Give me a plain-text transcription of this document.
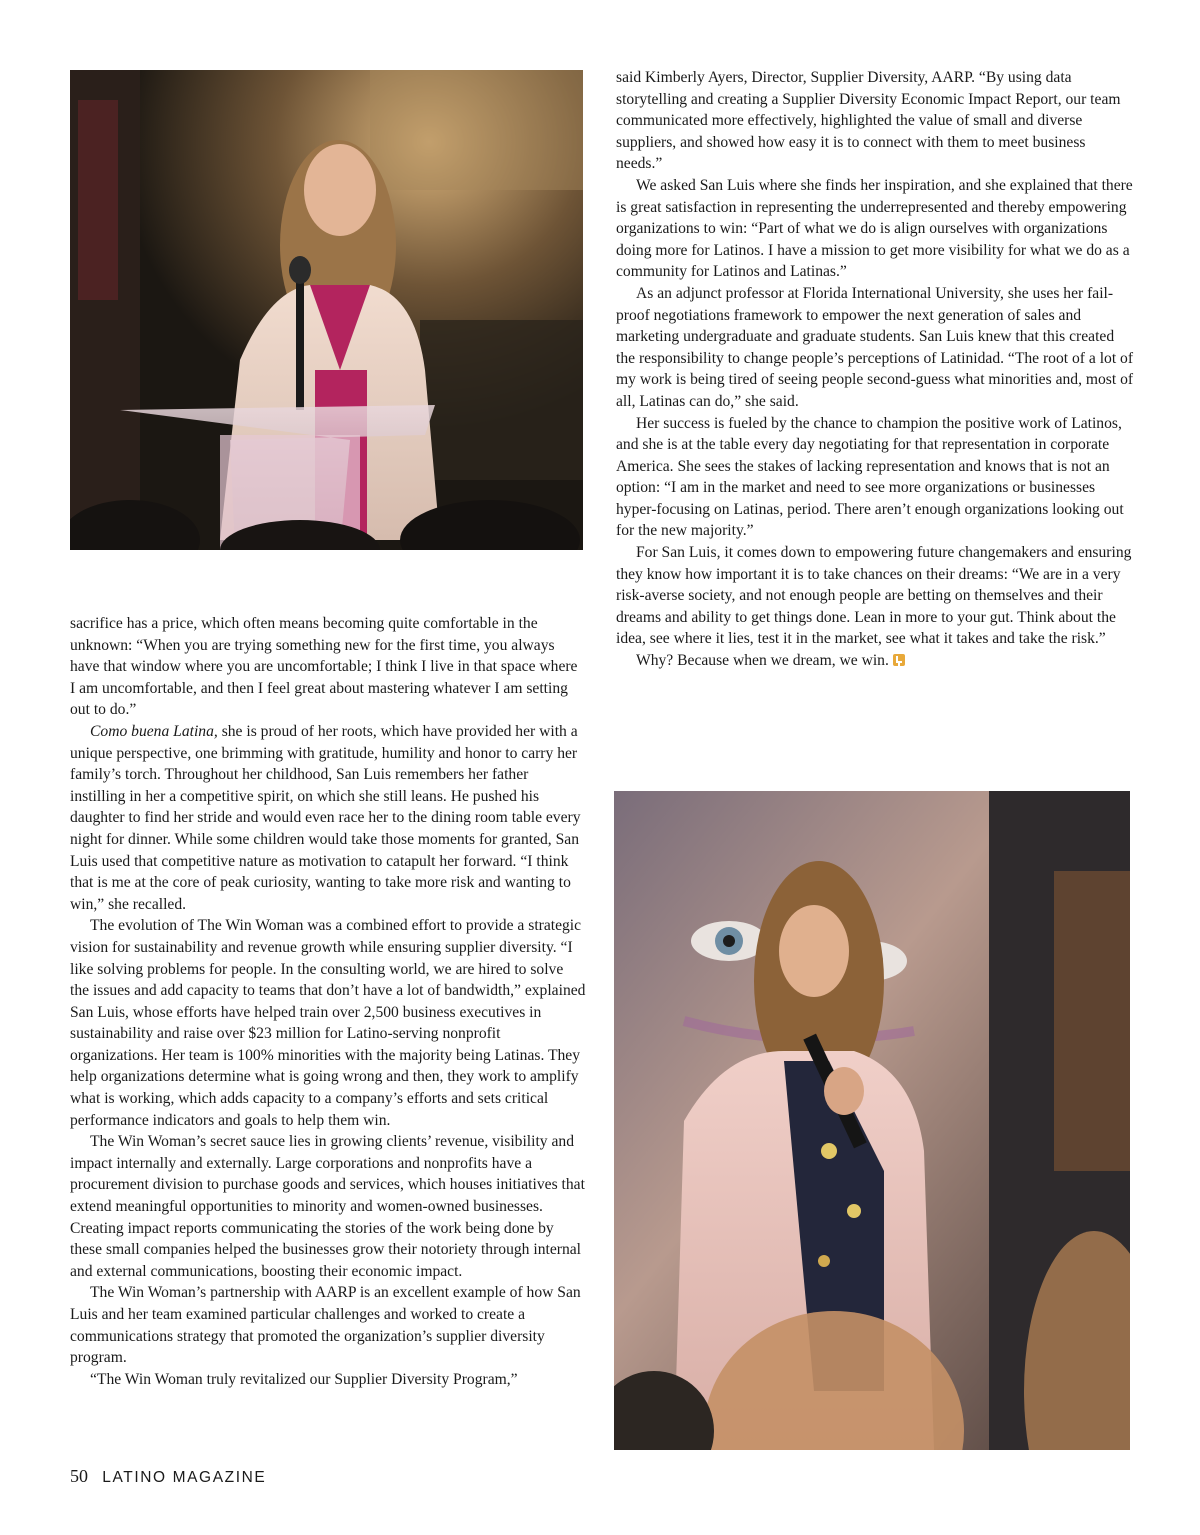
sacrifice has a price, which often means becoming quite comfortable in the unknown: “When you are trying something new for the first time, you always have that window where you are uncomfortable; I think I live in that space where I am uncomfortable, and then I feel great about mastering whatever I am setting out to do.”

Como buena Latina, she is proud of her roots, which have provided her with a unique perspective, one brimming with gratitude, humility and honor to carry her family’s torch. Throughout her childhood, San Luis remembers her father instilling in her a competitive spirit, on which she still leans. He pushed his daughter to find her stride and would even race her to the dining room table every night for dinner. While some children would take those moments for granted, San Luis used that competitive nature as motivation to catapult her forward. “I think that is me at the core of peak curiosity, wanting to take more risk and wanting to win,” she recalled.

The evolution of The Win Woman was a combined effort to provide a strategic vision for sustainability and revenue growth while ensuring supplier diversity. “I like solving problems for people. In the consulting world, we are hired to solve the issues and add capacity to teams that don’t have a lot of bandwidth,” explained San Luis, whose efforts have helped train over 2,500 business executives in sustainability and raise over $23 million for Latino-serving nonprofit organizations. Her team is 100% minorities with the majority being Latinas. They help organizations determine what is going wrong and then, they work to amplify what is working, which adds capacity to a company’s efforts and sets critical performance indicators and goals to help them win.

The Win Woman’s secret sauce lies in growing clients’ revenue, visibility and impact internally and externally. Large corporations and nonprofits have a procurement division to purchase goods and services, which houses initiatives that extend meaningful opportunities to minority and women-owned businesses. Creating impact reports communicating the stories of the work being done by these small companies helped the businesses grow their notoriety through internal and external communications, boosting their economic impact.

The Win Woman’s partnership with AARP is an excellent example of how San Luis and her team examined particular challenges and worked to create a communications strategy that promoted the organization’s supplier diversity program.

“The Win Woman truly revitalized our Supplier Diversity Program,”

said Kimberly Ayers, Director, Supplier Diversity, AARP. “By using data storytelling and creating a Supplier Diversity Economic Impact Report, our team communicated more effectively, highlighted the value of small and diverse suppliers, and showed how easy it is to connect with them to meet business needs.”

We asked San Luis where she finds her inspiration, and she explained that there is great satisfaction in representing the underrepresented and thereby empowering organizations to win: “Part of what we do is align ourselves with organizations doing more for Latinos. I have a mission to get more visibility for what we do as a community for Latinos and Latinas.”

As an adjunct professor at Florida International University, she uses her fail-proof negotiations framework to empower the next generation of sales and marketing undergraduate and graduate students. San Luis knew that this created the responsibility to change people’s perceptions of Latinidad. “The root of a lot of my work is being tired of seeing people second-guess what minorities and, most of all, Latinas can do,” she said.

Her success is fueled by the chance to champion the positive work of Latinos, and she is at the table every day negotiating for that representation in corporate America. She sees the stakes of lacking representation and knows that is not an option: “I am in the market and need to see more organizations or businesses hyper-focusing on Latinas, period. There aren’t enough organizations looking out for the new majority.”

For San Luis, it comes down to empowering future changemakers and ensuring they know how important it is to take chances on their dreams: “We are in a very risk-averse society, and not enough people are betting on themselves and their dreams and ability to get things done. Lean in more to your gut. Think about the idea, see where it lies, test it in the market, see what it takes and take the risk.”

Why? Because when we dream, we win.

50 LATINO MAGAZINE
